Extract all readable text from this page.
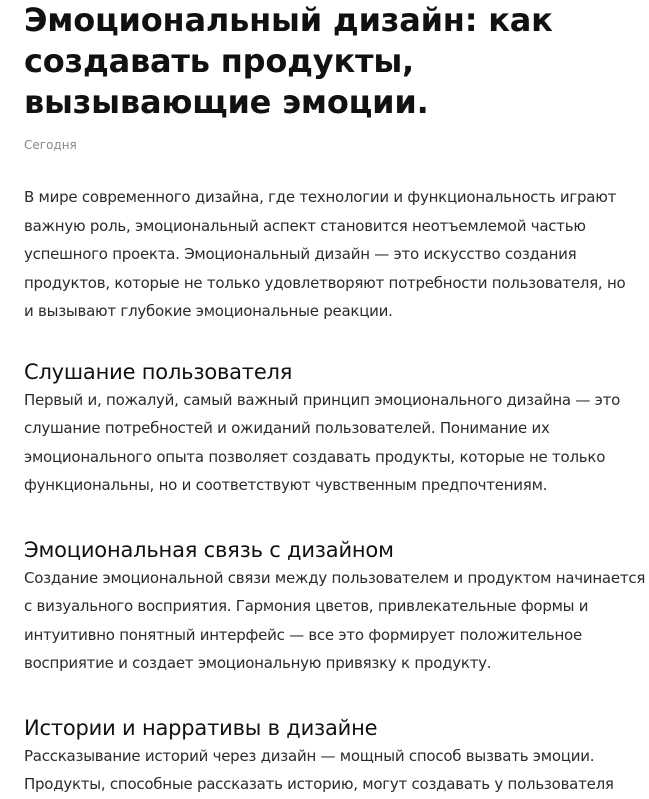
Эмоциональный дизайн: как создавать продукты, вызывающие эмоции.
Сегодня

В мире современного дизайна, где технологии и функциональность играют важную роль, эмоциональный аспект становится неотъемлемой частью успешного проекта. Эмоциональный дизайн — это искусство создания продуктов, которые не только удовлетворяют потребности пользователя, но и вызывают глубокие эмоциональные реакции.

Слушание пользователя

Первый и, пожалуй, самый важный принцип эмоционального дизайна — это

слушание потребностей и ожиданий пользователей. Понимание их

эмоционального опыта позволяет создавать продукты, которые не только

функциональны, но и соответствуют чувственным предпочтениям.

Эмоциональная связь с дизайном

Создание эмоциональной связи между пользователем и продуктом начинается

с визуального восприятия. Гармония цветов, привлекательные формы и

интуитивно понятный интерфейс — все это формирует положительное

восприятие и создает эмоциональную привязку к продукту.

Истории и нарративы в дизайне

Рассказывание историй через дизайн — мощный способ вызвать эмоции.

Продукты, способные рассказать историю, могут создавать у пользователя
